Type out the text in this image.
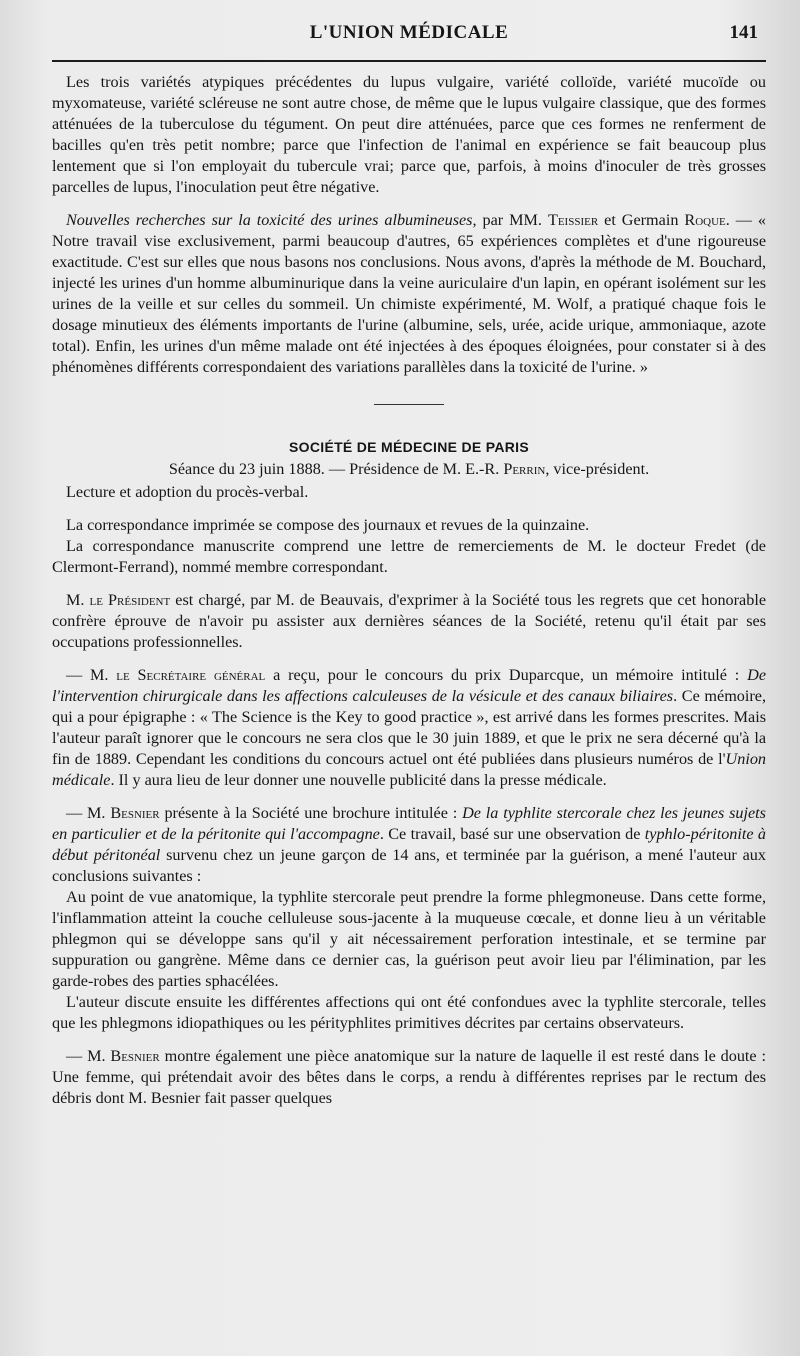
L'UNION MÉDICALE	141

Les trois variétés atypiques précédentes du lupus vulgaire, variété colloïde, variété mucoïde ou myxomateuse, variété scléreuse ne sont autre chose, de même que le lupus vulgaire classique, que des formes atténuées de la tuberculose du tégument. On peut dire atténuées, parce que ces formes ne renferment de bacilles qu'en très petit nombre; parce que l'infection de l'animal en expérience se fait beaucoup plus lentement que si l'on employait du tubercule vrai; parce que, parfois, à moins d'inoculer de très grosses parcelles de lupus, l'inoculation peut être négative.

Nouvelles recherches sur la toxicité des urines albumineuses, par MM. Teissier et Germain Roque. — « Notre travail vise exclusivement, parmi beaucoup d'autres, 65 expériences complètes et d'une rigoureuse exactitude. C'est sur elles que nous basons nos conclusions. Nous avons, d'après la méthode de M. Bouchard, injecté les urines d'un homme albuminurique dans la veine auriculaire d'un lapin, en opérant isolément sur les urines de la veille et sur celles du sommeil. Un chimiste expérimenté, M. Wolf, a pratiqué chaque fois le dosage minutieux des éléments importants de l'urine (albumine, sels, urée, acide urique, ammoniaque, azote total). Enfin, les urines d'un même malade ont été injectées à des époques éloignées, pour constater si à des phénomènes différents correspondaient des variations parallèles dans la toxicité de l'urine. »

SOCIÉTÉ DE MÉDECINE DE PARIS
Séance du 23 juin 1888. — Présidence de M. E.-R. Perrin, vice-président.

Lecture et adoption du procès-verbal.

La correspondance imprimée se compose des journaux et revues de la quinzaine.

La correspondance manuscrite comprend une lettre de remerciements de M. le docteur Fredet (de Clermont-Ferrand), nommé membre correspondant.

M. le Président est chargé, par M. de Beauvais, d'exprimer à la Société tous les regrets que cet honorable confrère éprouve de n'avoir pu assister aux dernières séances de la Société, retenu qu'il était par ses occupations professionnelles.

— M. le Secrétaire général a reçu, pour le concours du prix Duparcque, un mémoire intitulé : De l'intervention chirurgicale dans les affections calculeuses de la vésicule et des canaux biliaires. Ce mémoire, qui a pour épigraphe : « The Science is the Key to good practice », est arrivé dans les formes prescrites. Mais l'auteur paraît ignorer que le concours ne sera clos que le 30 juin 1889, et que le prix ne sera décerné qu'à la fin de 1889. Cependant les conditions du concours actuel ont été publiées dans plusieurs numéros de l'Union médicale. Il y aura lieu de leur donner une nouvelle publicité dans la presse médicale.

— M. Besnier présente à la Société une brochure intitulée : De la typhlite stercorale chez les jeunes sujets en particulier et de la péritonite qui l'accompagne. Ce travail, basé sur une observation de typhlo-péritonite à début péritonéal survenu chez un jeune garçon de 14 ans, et terminée par la guérison, a mené l'auteur aux conclusions suivantes :

Au point de vue anatomique, la typhlite stercorale peut prendre la forme phlegmoneuse. Dans cette forme, l'inflammation atteint la couche celluleuse sous-jacente à la muqueuse cœcale, et donne lieu à un véritable phlegmon qui se développe sans qu'il y ait nécessairement perforation intestinale, et se termine par suppuration ou gangrène. Même dans ce dernier cas, la guérison peut avoir lieu par l'élimination, par les garde-robes des parties sphacélées.

L'auteur discute ensuite les différentes affections qui ont été confondues avec la typhlite stercorale, telles que les phlegmons idiopathiques ou les pérityphlites primitives décrites par certains observateurs.

— M. Besnier montre également une pièce anatomique sur la nature de laquelle il est resté dans le doute : Une femme, qui prétendait avoir des bêtes dans le corps, a rendu à différentes reprises par le rectum des débris dont M. Besnier fait passer quelques
